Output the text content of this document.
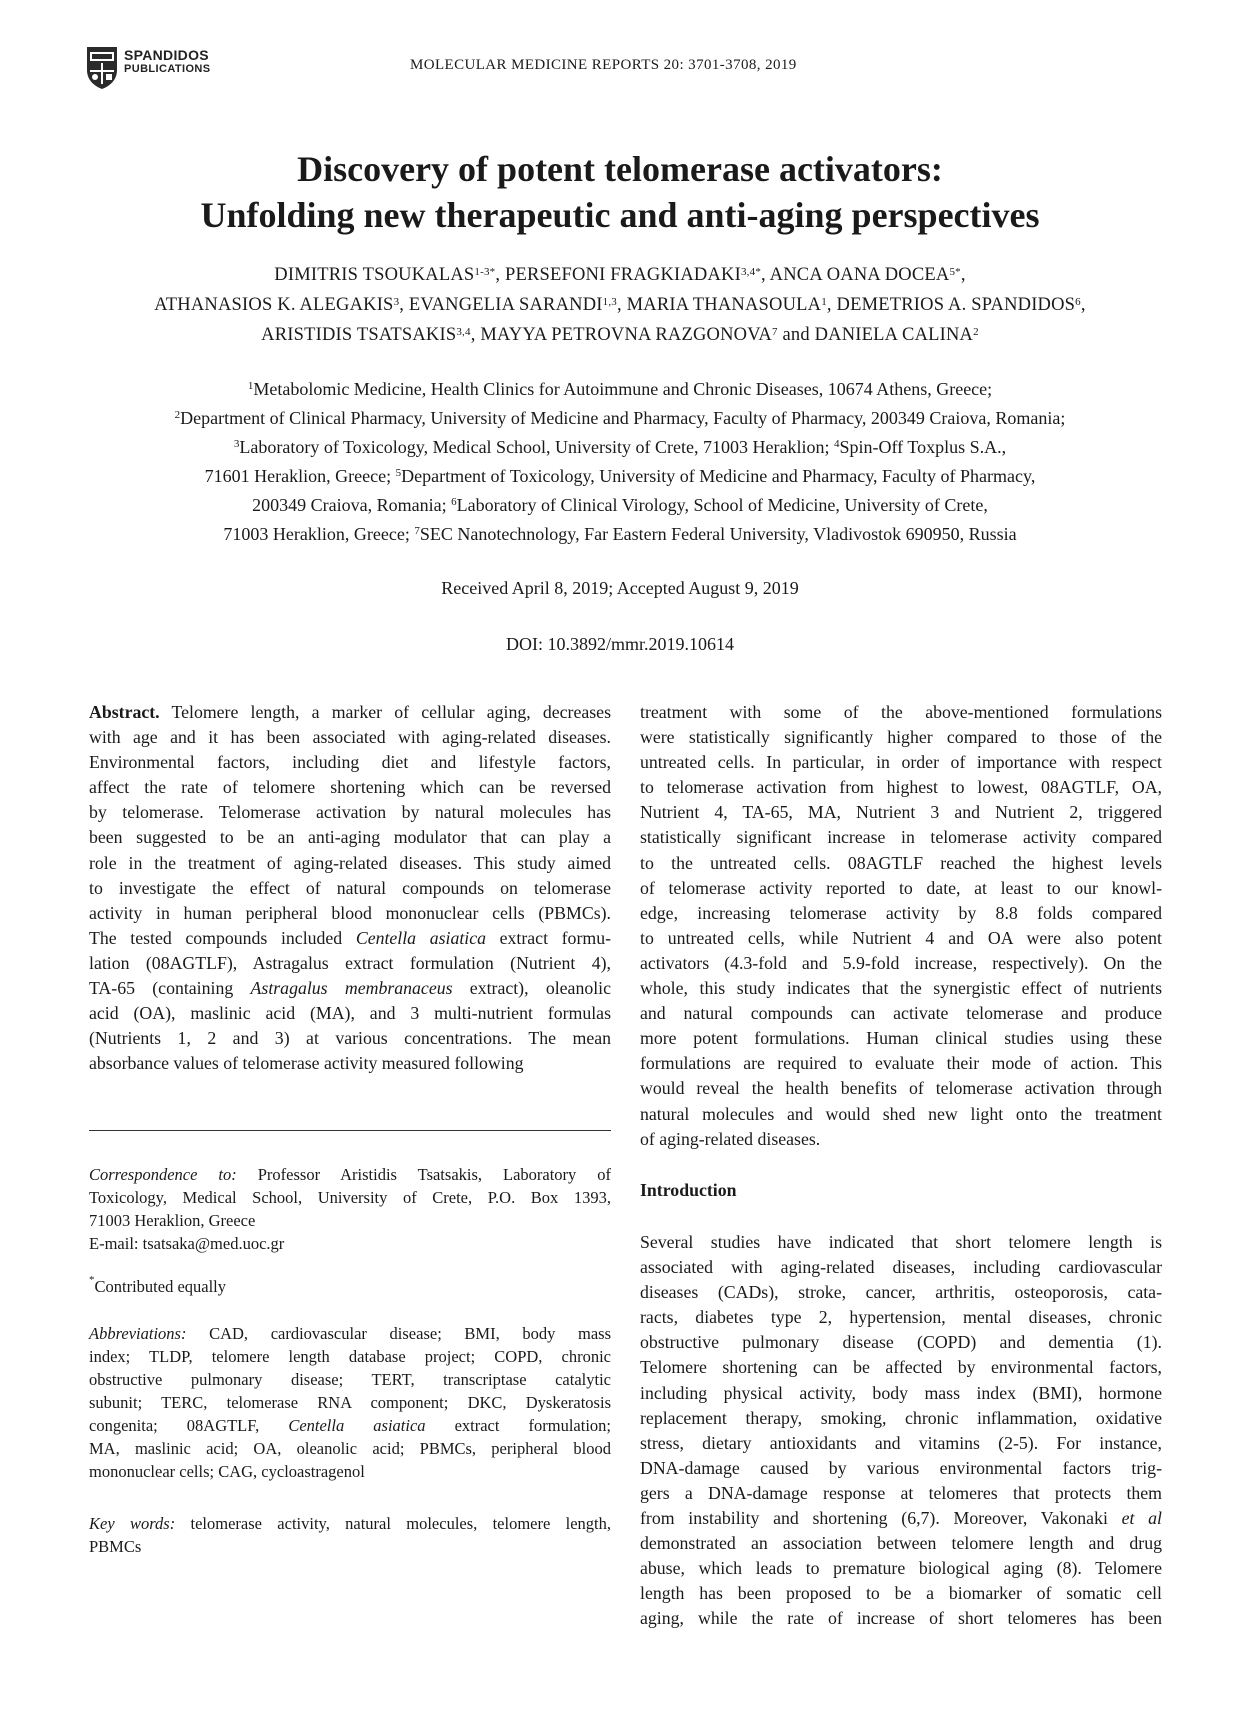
SPANDIDOS
PUBLICATIONS	MOLECULAR MEDICINE REPORTS 20: 3701-3708, 2019
Discovery of potent telomerase activators:
Unfolding new therapeutic and anti-aging perspectives
DIMITRIS $TSOUKALAS^{1-3*}$, PERSEFONI $FRAGKIADAKI^{3,4*}$, ANCA OANA $DOCEA^{5*}$,
ATHANASIOS K. ALEGAKIS$^3$, EVANGELIA SARANDI$^{1,3}$, MARIA THANASOULA$^1$, DEMETRIOS A. SPANDIDOS$^6$,
ARISTIDIS TSATSAKIS$^{3,4}$, MAYYA PETROVNA RAZGONOVA$^7$ and DANIELA CALINA$^2$
$^1$Metabolomic Medicine, Health Clinics for Autoimmune and Chronic Diseases, 10674 Athens, Greece;
$^2$Department of Clinical Pharmacy, University of Medicine and Pharmacy, Faculty of Pharmacy, 200349 Craiova, Romania;
$^3$Laboratory of Toxicology, Medical School, University of Crete, 71003 Heraklion; $^4$Spin-Off Toxplus S.A.,
71601 Heraklion, Greece; $^5$Department of Toxicology, University of Medicine and Pharmacy, Faculty of Pharmacy,
200349 Craiova, Romania; $^6$Laboratory of Clinical Virology, School of Medicine, University of Crete,
71003 Heraklion, Greece; $^7$SEC Nanotechnology, Far Eastern Federal University, Vladivostok 690950, Russia
Received April 8, 2019; Accepted August 9, 2019
DOI: 10.3892/mmr.2019.10614
Abstract. Telomere length, a marker of cellular aging, decreases
with age and it has been associated with aging-related diseases.
Environmental factors, including diet and lifestyle factors,
affect the rate of telomere shortening which can be reversed
by telomerase. Telomerase activation by natural molecules has
been suggested to be an anti-aging modulator that can play a
role in the treatment of aging-related diseases. This study aimed
to investigate the effect of natural compounds on telomerase
activity in human peripheral blood mononuclear cells (PBMCs).
The tested compounds included Centella asiatica extract formu-
lation (08AGTLF), Astragalus extract formulation (Nutrient 4),
TA-65 (containing Astragalus membranaceus extract), oleanolic
acid (OA), maslinic acid (MA), and 3 multi-nutrient formulas
(Nutrients 1, 2 and 3) at various concentrations. The mean
absorbance values of telomerase activity measured following
Correspondence to: Professor Aristidis Tsatsakis, Laboratory of
Toxicology, Medical School, University of Crete, P.O. Box 1393,
71003 Heraklion, Greece
E-mail: tsatsaka@med.uoc.gr
*Contributed equally
Abbreviations: CAD, cardiovascular disease; BMI, body mass
index; TLDP, telomere length database project; COPD, chronic
obstructive pulmonary disease; TERT, transcriptase catalytic
subunit; TERC, telomerase RNA component; DKC, Dyskeratosis
congenita; 08AGTLF, Centella asiatica extract formulation;
MA, maslinic acid; OA, oleanolic acid; PBMCs, peripheral blood
mononuclear cells; CAG, cycloastragenol
Key words: telomerase activity, natural molecules, telomere length,
PBMCs
treatment with some of the above-mentioned formulations
were statistically significantly higher compared to those of the
untreated cells. In particular, in order of importance with respect
to telomerase activation from highest to lowest, 08AGTLF, OA,
Nutrient 4, TA-65, MA, Nutrient 3 and Nutrient 2, triggered
statistically significant increase in telomerase activity compared
to the untreated cells. 08AGTLF reached the highest levels
of telomerase activity reported to date, at least to our knowl-
edge, increasing telomerase activity by 8.8 folds compared
to untreated cells, while Nutrient 4 and OA were also potent
activators (4.3-fold and 5.9-fold increase, respectively). On the
whole, this study indicates that the synergistic effect of nutrients
and natural compounds can activate telomerase and produce
more potent formulations. Human clinical studies using these
formulations are required to evaluate their mode of action. This
would reveal the health benefits of telomerase activation through
natural molecules and would shed new light onto the treatment
of aging-related diseases.
Introduction
Several studies have indicated that short telomere length is
associated with aging-related diseases, including cardiovascular
diseases (CADs), stroke, cancer, arthritis, osteoporosis, cata-
racts, diabetes type 2, hypertension, mental diseases, chronic
obstructive pulmonary disease (COPD) and dementia (1).
Telomere shortening can be affected by environmental factors,
including physical activity, body mass index (BMI), hormone
replacement therapy, smoking, chronic inflammation, oxidative
stress, dietary antioxidants and vitamins (2-5). For instance,
DNA-damage caused by various environmental factors trig-
gers a DNA-damage response at telomeres that protects them
from instability and shortening (6,7). Moreover, Vakonaki et al
demonstrated an association between telomere length and drug
abuse, which leads to premature biological aging (8). Telomere
length has been proposed to be a biomarker of somatic cell
aging, while the rate of increase of short telomeres has been
